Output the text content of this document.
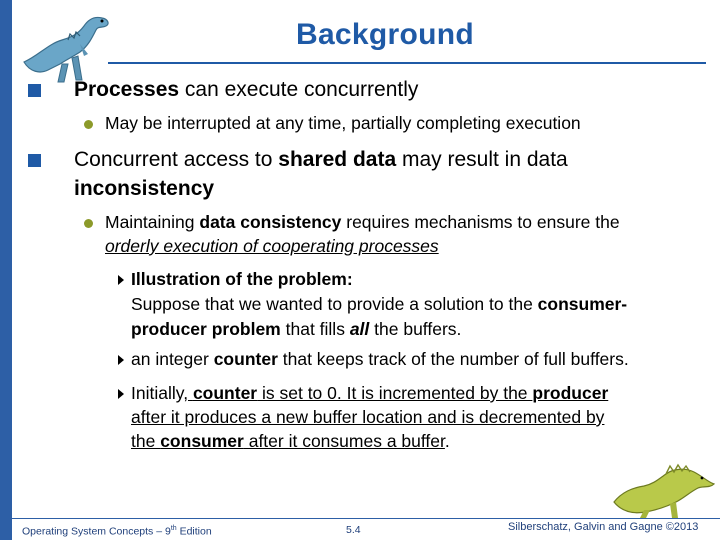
Background
Processes can execute concurrently
May be interrupted at any time, partially completing execution
Concurrent access to shared data may result in data
inconsistency
Maintaining data consistency requires mechanisms to ensure the
orderly execution of cooperating processes
Illustration of the problem:
Suppose that we wanted to provide a solution to the consumer-
producer problem that fills all the buffers.
an integer counter that keeps track of the number of full buffers.
Initially, counter is set to 0. It is incremented by the producer
after it produces a new buffer location and is decremented by
the consumer after it consumes a buffer.
Operating System Concepts – 9th Edition	5.4	Silberschatz, Galvin and Gagne ©2013
